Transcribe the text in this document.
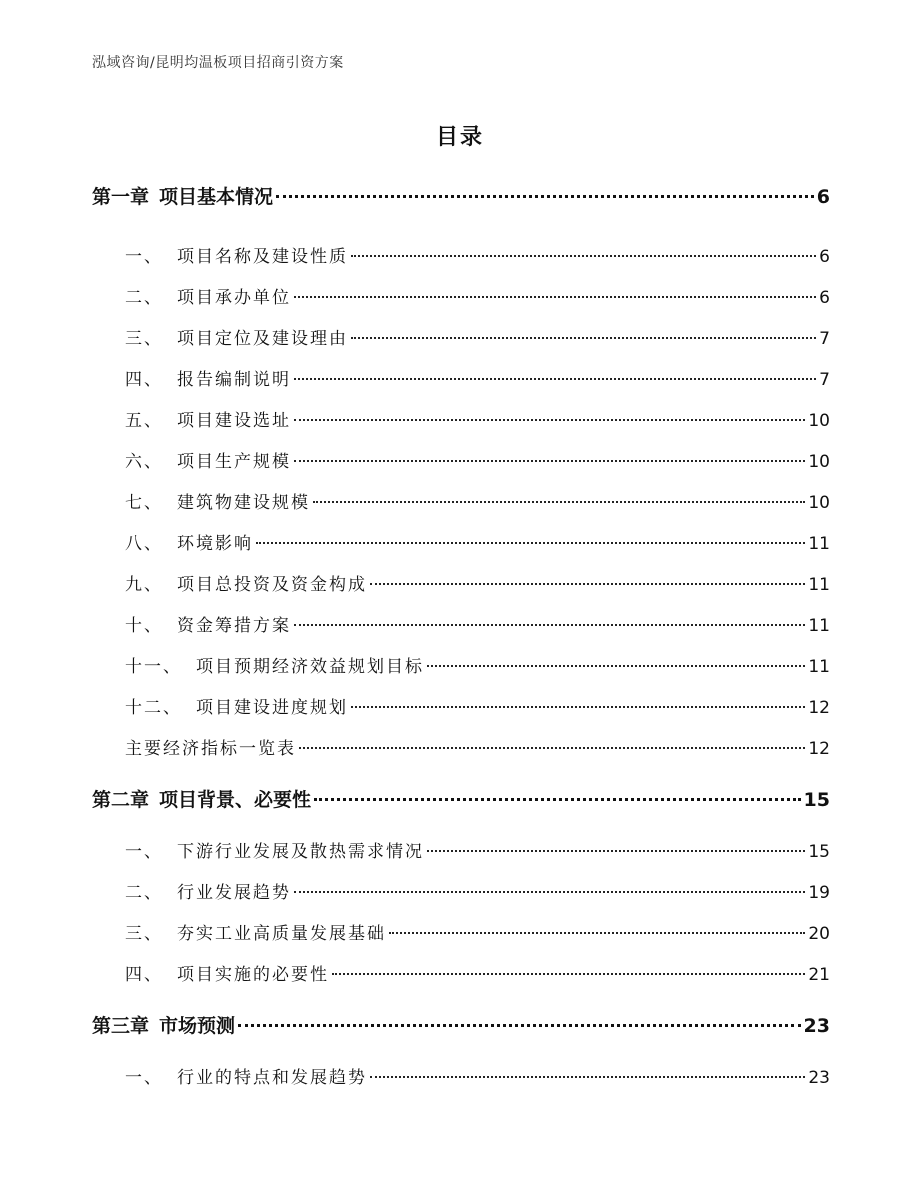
泓域咨询/昆明均温板项目招商引资方案
目录
第一章 项目基本情况	6
一、 项目名称及建设性质	6
二、 项目承办单位	6
三、 项目定位及建设理由	7
四、 报告编制说明	7
五、 项目建设选址	10
六、 项目生产规模	10
七、 建筑物建设规模	10
八、 环境影响	11
九、 项目总投资及资金构成	11
十、 资金筹措方案	11
十一、 项目预期经济效益规划目标	11
十二、 项目建设进度规划	12
主要经济指标一览表	12
第二章 项目背景、必要性	15
一、 下游行业发展及散热需求情况	15
二、 行业发展趋势	19
三、 夯实工业高质量发展基础	20
四、 项目实施的必要性	21
第三章 市场预测	23
一、 行业的特点和发展趋势	23
